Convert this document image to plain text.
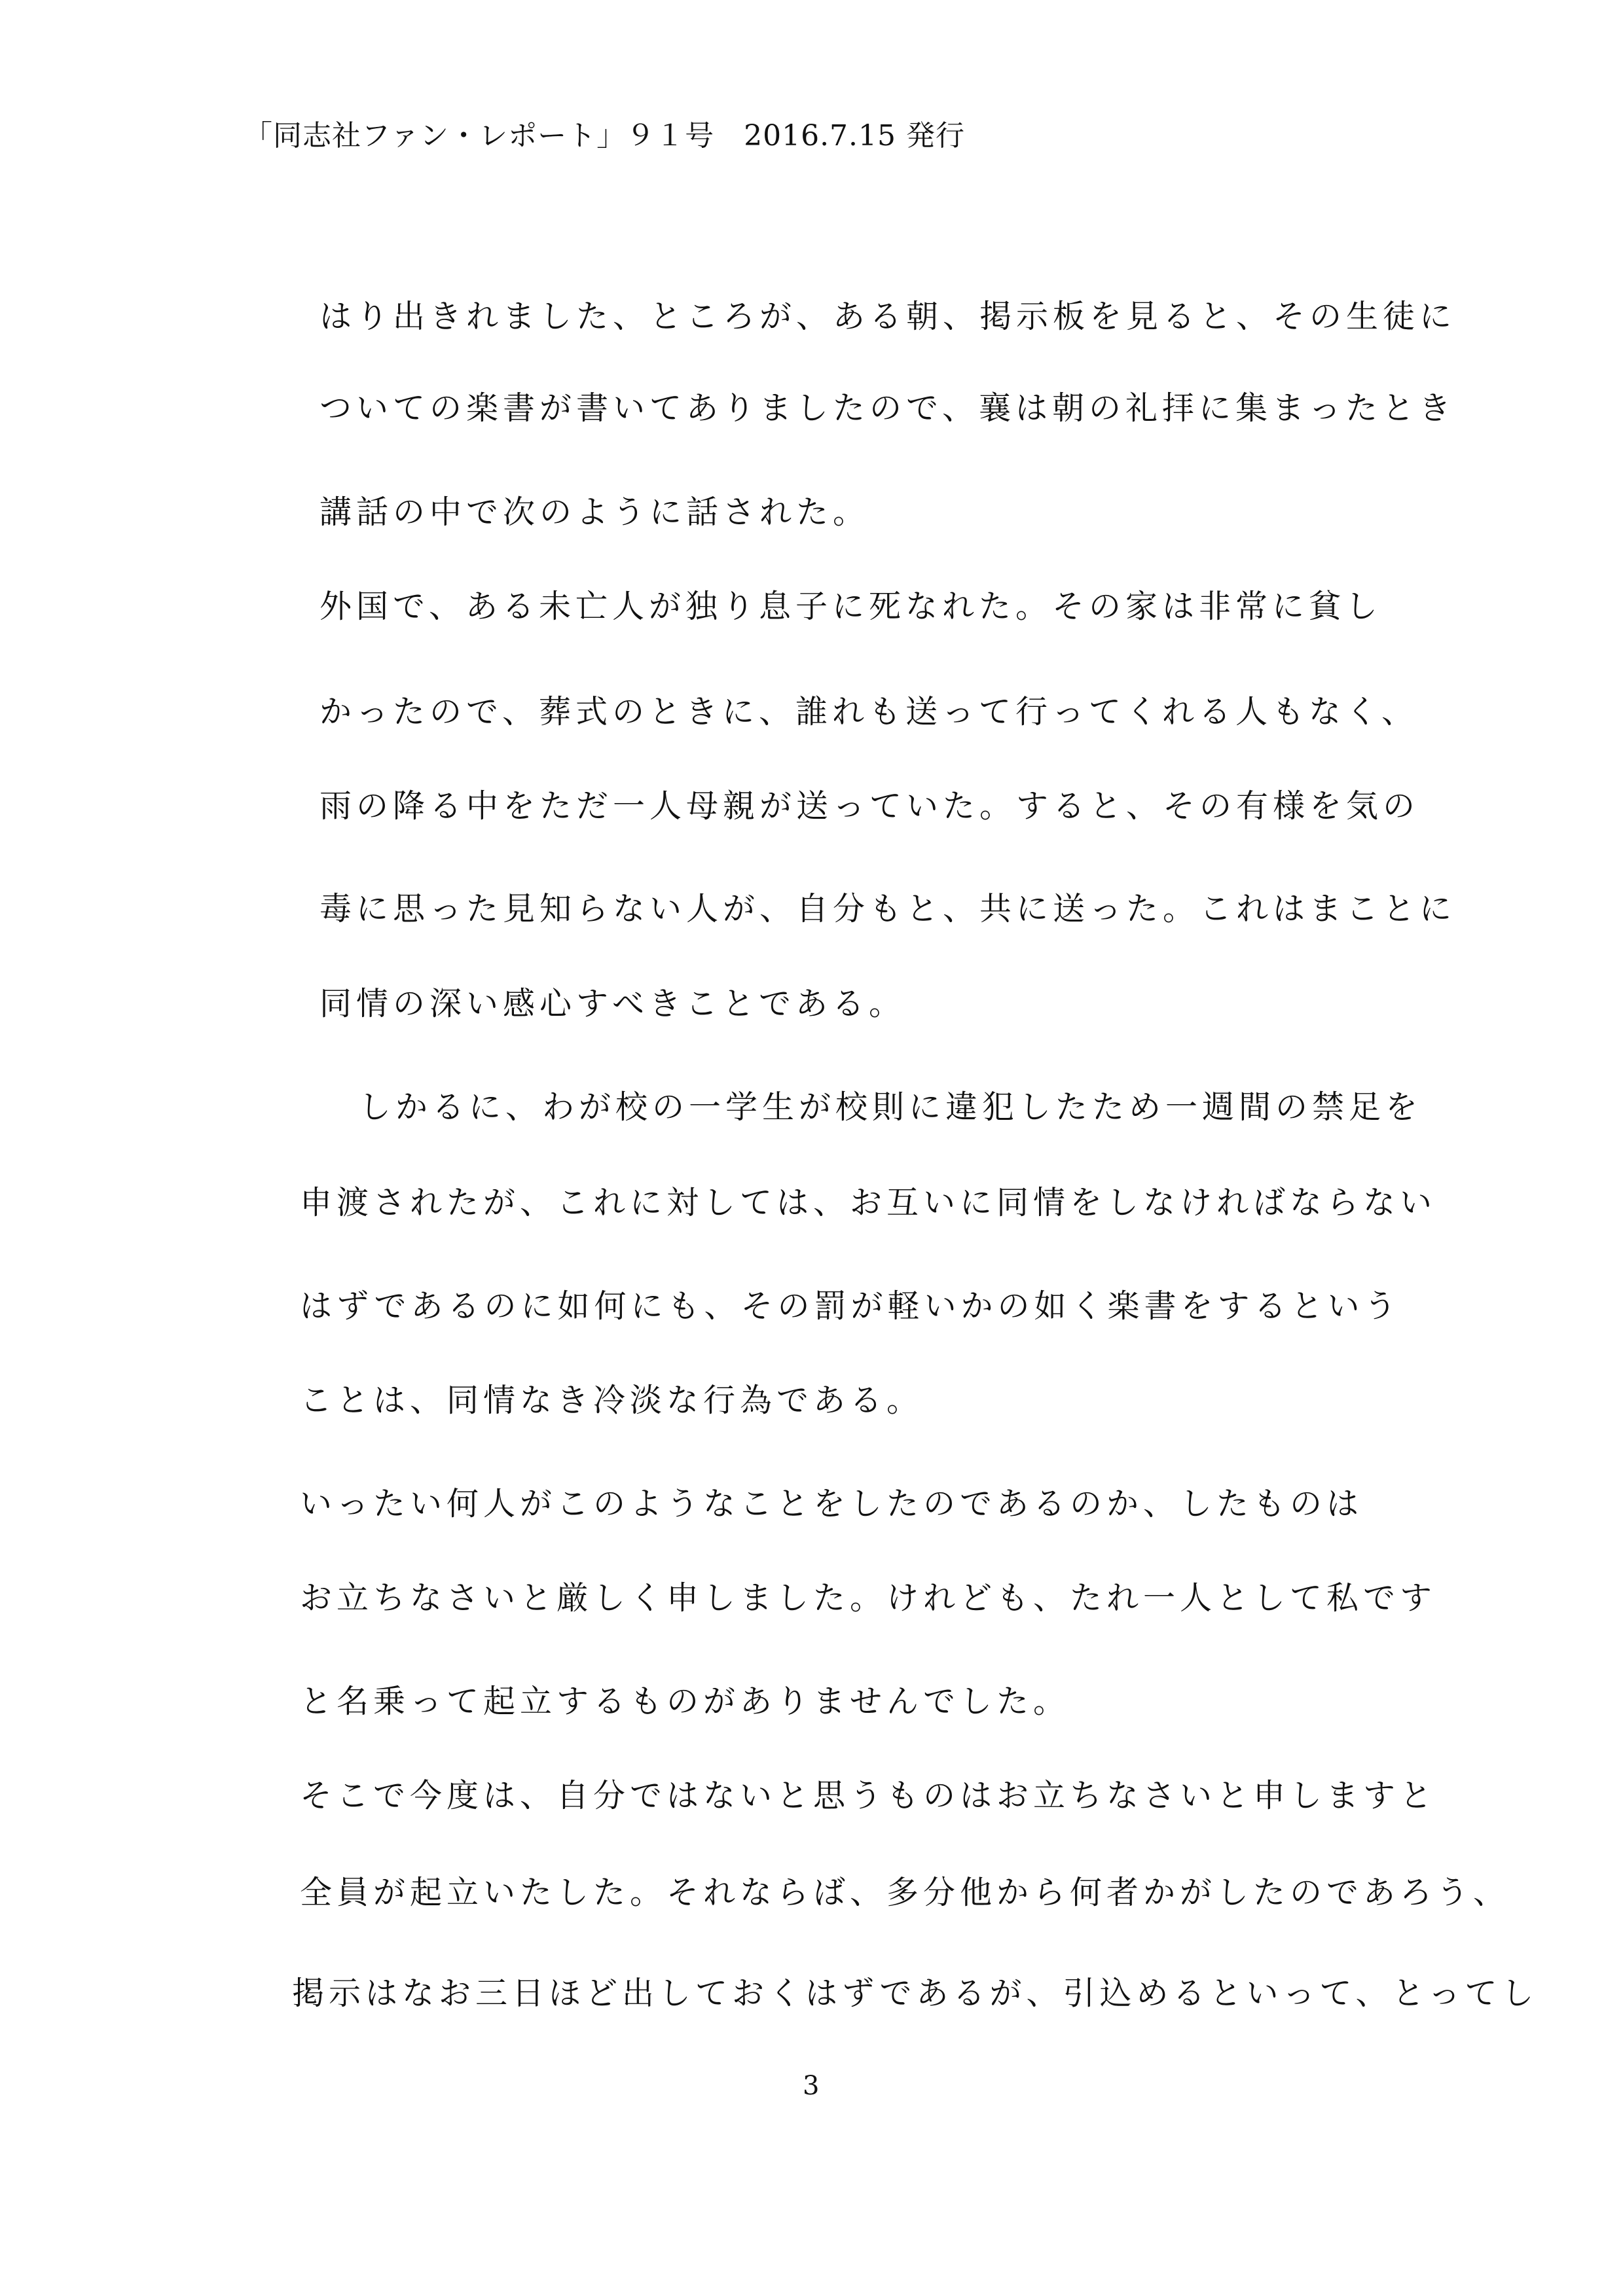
「同志社ファン・レポート」９１号 2016.7.15 発行
はり出きれました、ところが、ある朝、掲示板を見ると、その生徒に
ついての楽書が書いてありましたので、襄は朝の礼拝に集まったとき
講話の中で次のように話された。
外国で、ある未亡人が独り息子に死なれた。その家は非常に貧し
かったので、葬式のときに、誰れも送って行ってくれる人もなく、
雨の降る中をただ一人母親が送っていた。すると、その有様を気の
毒に思った見知らない人が、自分もと、共に送った。これはまことに
同情の深い感心すべきことである。
しかるに、わが校の一学生が校則に違犯したため一週間の禁足を
申渡されたが、これに対しては、お互いに同情をしなければならない
はずであるのに如何にも、その罰が軽いかの如く楽書をするという
ことは、同情なき冷淡な行為である。
いったい何人がこのようなことをしたのであるのか、したものは
お立ちなさいと厳しく申しました。けれども、たれ一人として私です
と名乗って起立するものがありませんでした。
そこで今度は、自分ではないと思うものはお立ちなさいと申しますと
全員が起立いたした。それならば、多分他から何者かがしたのであろう、
掲示はなお三日ほど出しておくはずであるが、引込めるといって、とってし
3
